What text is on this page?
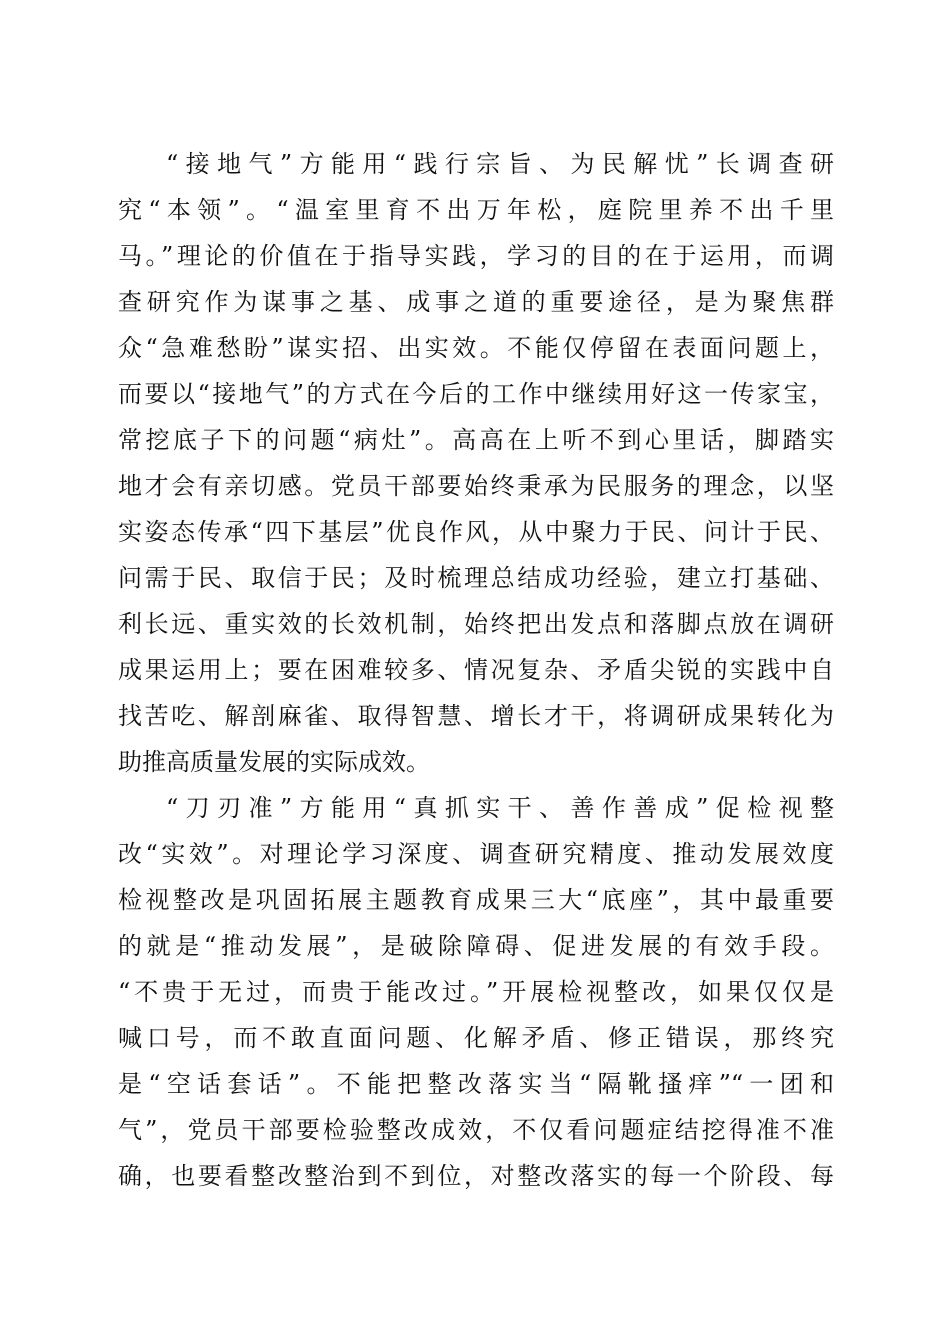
“接地气”方能用“践行宗旨、为民解忧”长调查研
究“本领”。“温室里育不出万年松，庭院里养不出千里
马。”理论的价值在于指导实践，学习的目的在于运用，而调
查研究作为谋事之基、成事之道的重要途径，是为聚焦群
众“急难愁盼”谋实招、出实效。不能仅停留在表面问题上，
而要以“接地气”的方式在今后的工作中继续用好这一传家宝，
常挖底子下的问题“病灶”。高高在上听不到心里话，脚踏实
地才会有亲切感。党员干部要始终秉承为民服务的理念，以坚
实姿态传承“四下基层”优良作风，从中聚力于民、问计于民、
问需于民、取信于民；及时梳理总结成功经验，建立打基础、
利长远、重实效的长效机制，始终把出发点和落脚点放在调研
成果运用上；要在困难较多、情况复杂、矛盾尖锐的实践中自
找苦吃、解剖麻雀、取得智慧、增长才干，将调研成果转化为
助推高质量发展的实际成效。
“刀刃准”方能用“真抓实干、善作善成”促检视整
改“实效”。对理论学习深度、调查研究精度、推动发展效度
检视整改是巩固拓展主题教育成果三大“底座”，其中最重要
的就是“推动发展”，是破除障碍、促进发展的有效手段。
“不贵于无过，而贵于能改过。”开展检视整改，如果仅仅是
喊口号，而不敢直面问题、化解矛盾、修正错误，那终究
是“空话套话”。不能把整改落实当“隔靴搔痒”“一团和
气”，党员干部要检验整改成效，不仅看问题症结挖得准不准
确，也要看整改整治到不到位，对整改落实的每一个阶段、每
